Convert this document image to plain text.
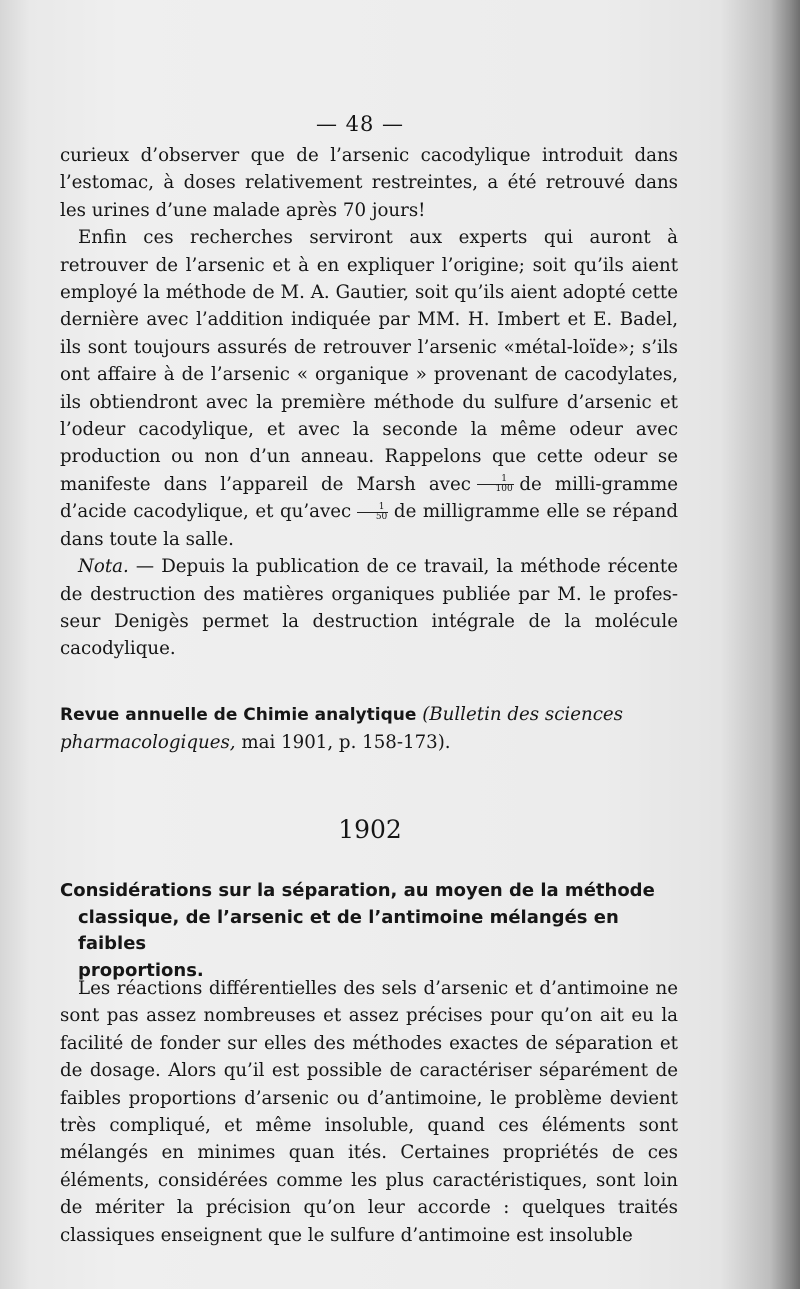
— 48 —

curieux d’observer que de l’arsenic cacodylique introduit dans l’estomac, à doses relativement restreintes, a été retrouvé dans les urines d’une malade après 70 jours!

Enfin ces recherches serviront aux experts qui auront à retrouver de l’arsenic et à en expliquer l’origine; soit qu’ils aient employé la méthode de M. A. Gautier, soit qu’ils aient adopté cette dernière avec l’addition indiquée par MM. H. Imbert et E. Badel, ils sont toujours assurés de retrouver l’arsenic «métal-loïde»; s’ils ont affaire à de l’arsenic « organique » provenant de cacodylates, ils obtiendront avec la première méthode du sulfure d’arsenic et l’odeur cacodylique, et avec la seconde la même odeur avec production ou non d’un anneau. Rappelons que cette odeur se manifeste dans l’appareil de Marsh avec  $\frac{1}{100}$
  de milli-gramme d’acide cacodylique, et qu’avec  $\frac{1}{50}$
  de milligramme elle se répand dans toute la salle.

Nota. — Depuis la publication de ce travail, la méthode récente de destruction des matières organiques publiée par M. le profes-seur Denigès permet la destruction intégrale de la molécule cacodylique.

Revue annuelle de Chimie analytique (Bulletin des sciences pharmacologiques, mai 1901, p. 158-173).
1902
Considérations sur la séparation, au moyen de la méthode
classique, de l’arsenic et de l’antimoine mélangés en faibles
proportions.

Les réactions différentielles des sels d’arsenic et d’antimoine ne sont pas assez nombreuses et assez précises pour qu’on ait eu la facilité de fonder sur elles des méthodes exactes de séparation et de dosage. Alors qu’il est possible de caractériser séparément de faibles proportions d’arsenic ou d’antimoine, le problème devient très compliqué, et même insoluble, quand ces éléments sont mélangés en minimes quan ités. Certaines propriétés de ces éléments, considérées comme les plus caractéristiques, sont loin de mériter la précision qu’on leur accorde : quelques traités classiques enseignent que le sulfure d’antimoine est insoluble
